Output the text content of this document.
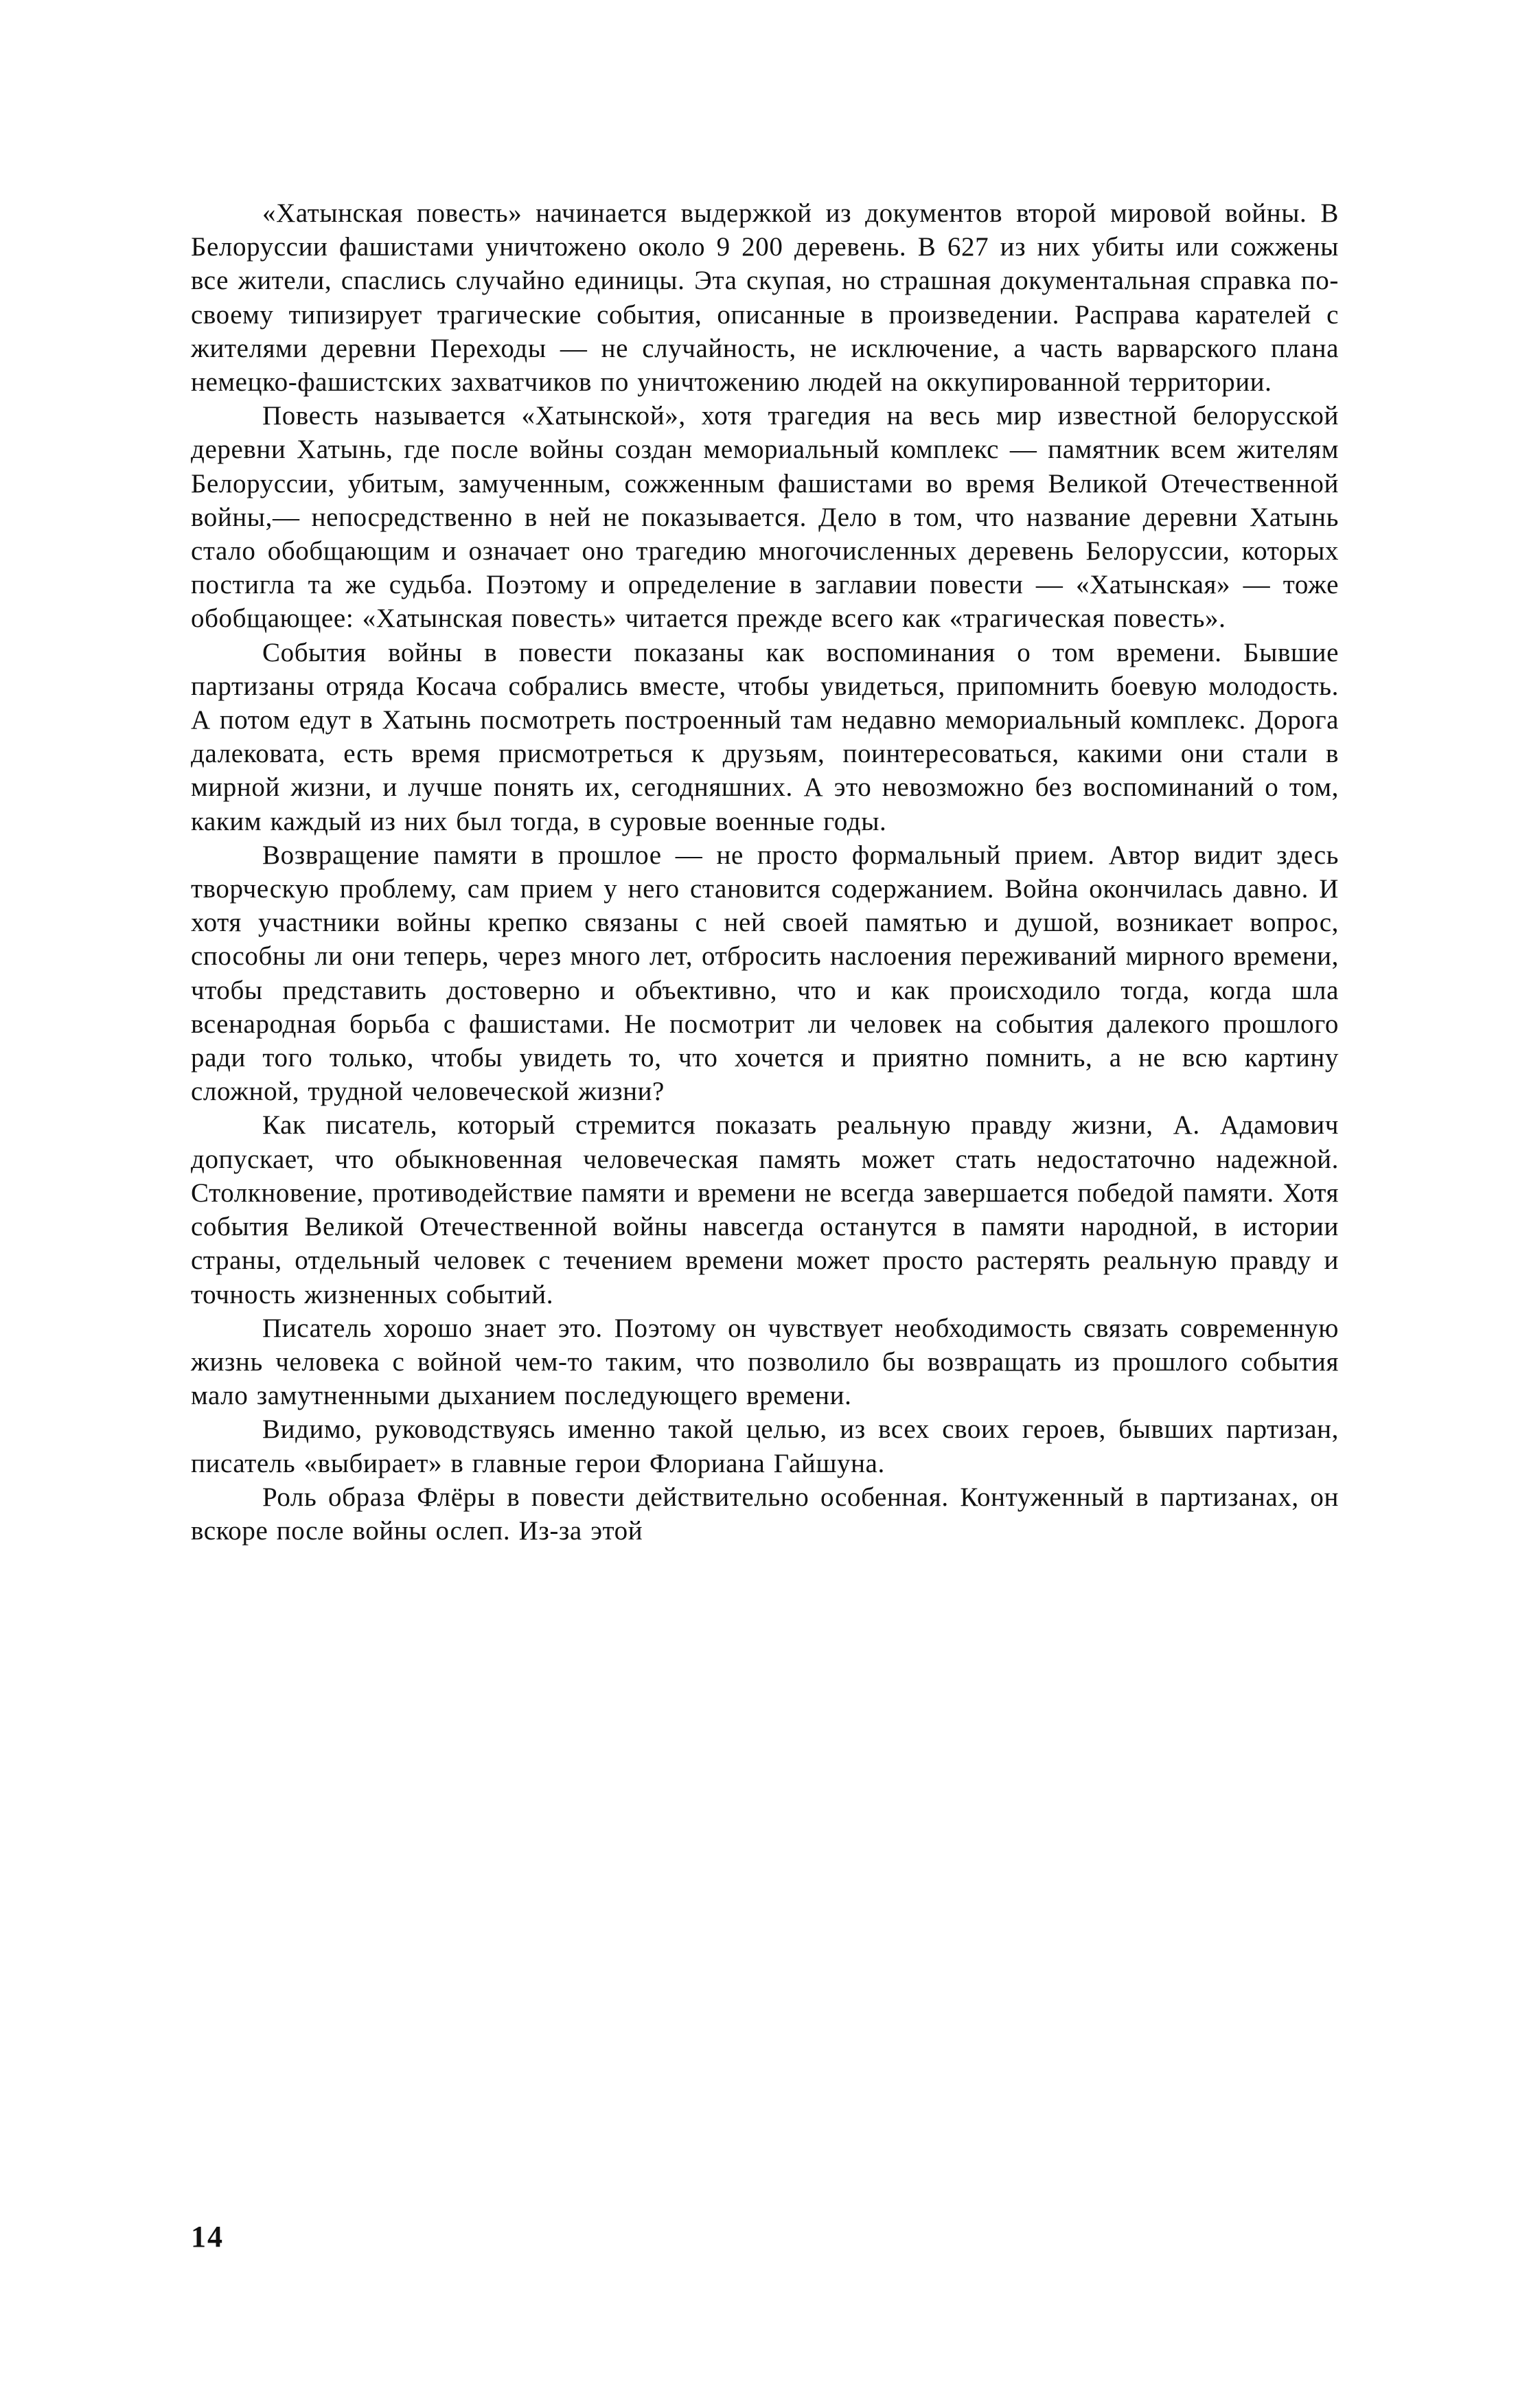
«Хатынская повесть» начинается выдержкой из документов второй мировой войны. В Белоруссии фашистами уничтожено около 9 200 деревень. В 627 из них убиты или сожжены все жители, спаслись случайно единицы. Эта скупая, но страшная документальная справка по-своему типизирует трагические события, описанные в произведении. Расправа карателей с жителями деревни Переходы — не случайность, не исключение, а часть варварского плана немецко-фашистских захватчиков по уничтожению людей на оккупированной территории.

Повесть называется «Хатынской», хотя трагедия на весь мир известной белорусской деревни Хатынь, где после войны создан мемориальный комплекс — памятник всем жителям Белоруссии, убитым, замученным, сожженным фашистами во время Великой Отечественной войны,— непосредственно в ней не показывается. Дело в том, что название деревни Хатынь стало обобщающим и означает оно трагедию многочисленных деревень Белоруссии, которых постигла та же судьба. Поэтому и определение в заглавии повести — «Хатынская» — тоже обобщающее: «Хатынская повесть» читается прежде всего как «трагическая повесть».

События войны в повести показаны как воспоминания о том времени. Бывшие партизаны отряда Косача собрались вместе, чтобы увидеться, припомнить боевую молодость. А потом едут в Хатынь посмотреть построенный там недавно мемориальный комплекс. Дорога далековата, есть время присмотреться к друзьям, поинтересоваться, какими они стали в мирной жизни, и лучше понять их, сегодняшних. А это невозможно без воспоминаний о том, каким каждый из них был тогда, в суровые военные годы.

Возвращение памяти в прошлое — не просто формальный прием. Автор видит здесь творческую проблему, сам прием у него становится содержанием. Война окончилась давно. И хотя участники войны крепко связаны с ней своей памятью и душой, возникает вопрос, способны ли они теперь, через много лет, отбросить наслоения переживаний мирного времени, чтобы представить достоверно и объективно, что и как происходило тогда, когда шла всенародная борьба с фашистами. Не посмотрит ли человек на события далекого прошлого ради того только, чтобы увидеть то, что хочется и приятно помнить, а не всю картину сложной, трудной человеческой жизни?

Как писатель, который стремится показать реальную правду жизни, А. Адамович допускает, что обыкновенная человеческая память может стать недостаточно надежной. Столкновение, противодействие памяти и времени не всегда завершается победой памяти. Хотя события Великой Отечественной войны навсегда останутся в памяти народной, в истории страны, отдельный человек с течением времени может просто растерять реальную правду и точность жизненных событий.

Писатель хорошо знает это. Поэтому он чувствует необходимость связать современную жизнь человека с войной чем-то таким, что позволило бы возвращать из прошлого события мало замутненными дыханием последующего времени.

Видимо, руководствуясь именно такой целью, из всех своих героев, бывших партизан, писатель «выбирает» в главные герои Флориана Гайшуна.

Роль образа Флёры в повести действительно особенная. Контуженный в партизанах, он вскоре после войны ослеп. Из-за этой

14
